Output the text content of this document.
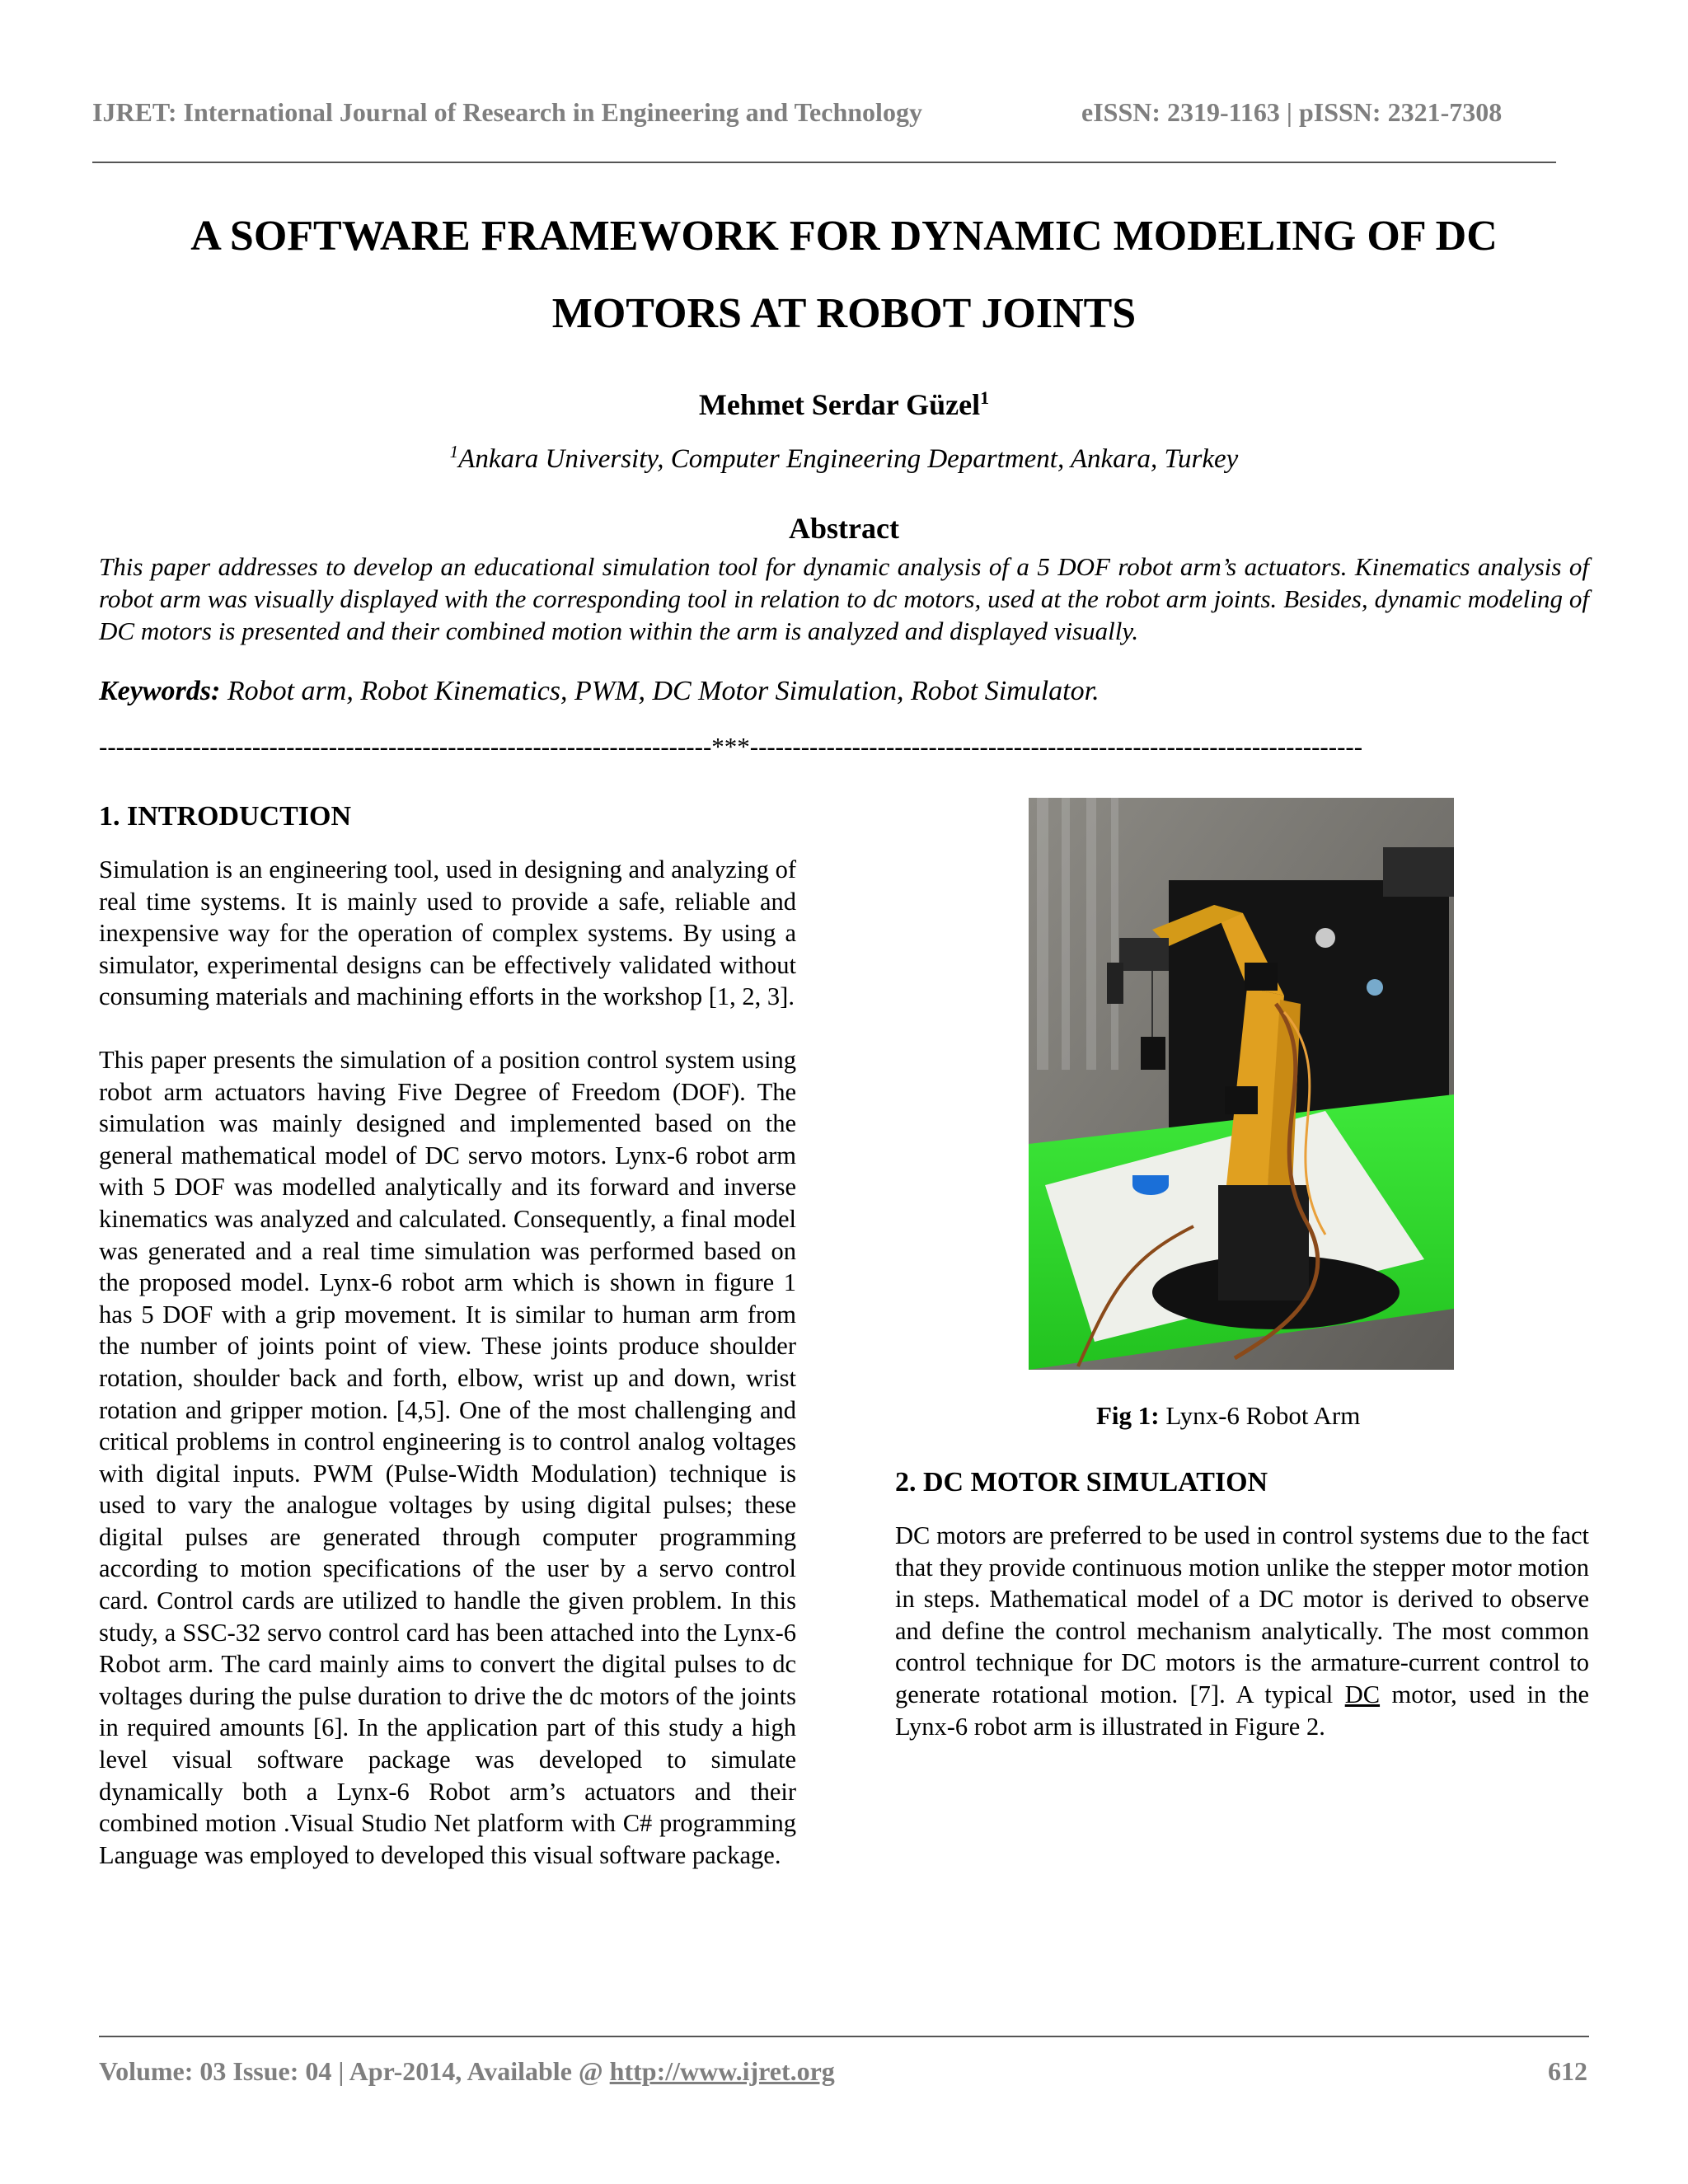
IJRET: International Journal of Research in Engineering and Technology	eISSN: 2319-1163 | pISSN: 2321-7308
A SOFTWARE FRAMEWORK FOR DYNAMIC MODELING OF DC
MOTORS AT ROBOT JOINTS
Mehmet Serdar Güzel$^1$
$^1$Ankara University, Computer Engineering Department, Ankara, Turkey
Abstract
This paper addresses to develop an educational simulation tool for dynamic analysis of a 5 DOF robot arm’s actuators. Kinematics analysis of robot arm was visually displayed with the corresponding tool in relation to dc motors, used at the robot arm joints. Besides, dynamic modeling of DC motors is presented and their combined motion within the arm is analyzed and displayed visually.
Keywords: Robot arm, Robot Kinematics, PWM, DC Motor Simulation, Robot Simulator.
------------------------------------------------------------------------***------------------------------------------------------------------------
1. INTRODUCTION

Simulation is an engineering tool, used in designing and analyzing of real time systems. It is mainly used to provide a safe, reliable and inexpensive way for the operation of complex systems. By using a simulator, experimental designs can be effectively validated without consuming materials and machining efforts in the workshop [1, 2, 3].

This paper presents the simulation of a position control system using robot arm actuators having Five Degree of Freedom (DOF). The simulation was mainly designed and implemented based on the general mathematical model of DC servo motors. Lynx-6 robot arm with 5 DOF was modelled analytically and its forward and inverse kinematics was analyzed and calculated. Consequently, a final model was generated and a real time simulation was performed based on the proposed model. Lynx-6 robot arm which is shown in figure 1 has 5 DOF with a grip movement. It is similar to human arm from the number of joints point of view. These joints produce shoulder rotation, shoulder back and forth, elbow, wrist up and down, wrist rotation and gripper motion. [4,5]. One of the most challenging and critical problems in control engineering is to control analog voltages with digital inputs. PWM (Pulse-Width Modulation) technique is used to vary the analogue voltages by using digital pulses; these digital pulses are generated through computer programming according to motion specifications of the user by a servo control card. Control cards are utilized to handle the given problem. In this study, a SSC-32 servo control card has been attached into the Lynx-6 Robot arm. The card mainly aims to convert the digital pulses to dc voltages during the pulse duration to drive the dc motors of the joints in required amounts [6]. In the application part of this study a high level visual software package was developed to simulate dynamically both a Lynx-6 Robot arm’s actuators and their combined motion .Visual Studio Net platform with C# programming Language was employed to developed this visual software package.

Fig 1: Lynx-6 Robot Arm
2. DC MOTOR SIMULATION

DC motors are preferred to be used in control systems due to the fact that they provide continuous motion unlike the stepper motor motion in steps. Mathematical model of a DC motor is derived to observe and define the control mechanism analytically. The most common control technique for DC motors is the armature-current control to generate rotational motion. [7]. A typical DC motor, used in the Lynx-6 robot arm is illustrated in Figure 2.

Volume: 03 Issue: 04 | Apr-2014, Available @ http://www.ijret.org	612
